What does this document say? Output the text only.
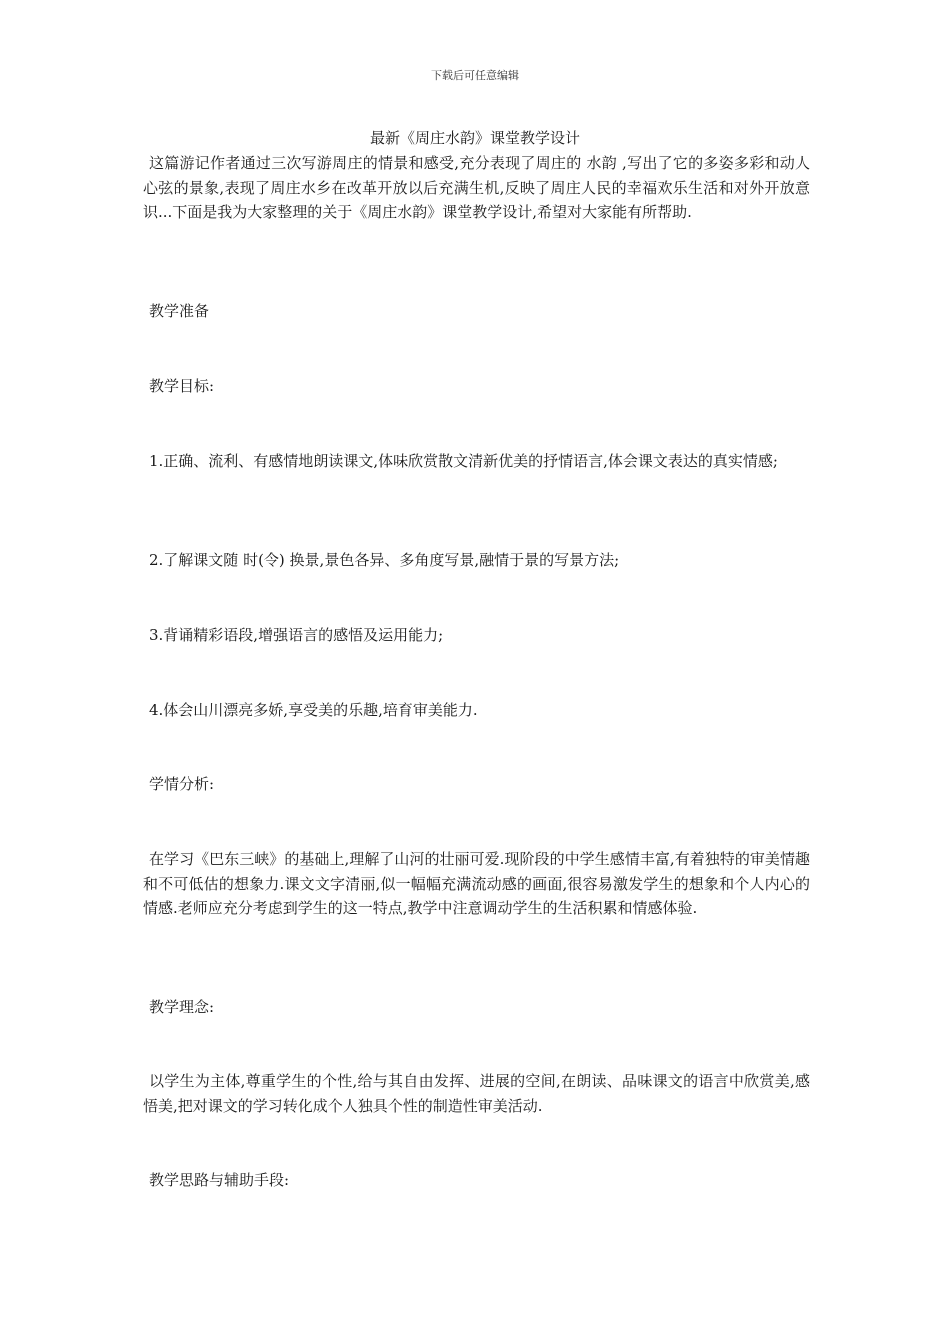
下载后可任意编辑
最新《周庄水韵》课堂教学设计

这篇游记作者通过三次写游周庄的情景和感受,充分表现了周庄的 水韵 ,写出了它的多姿多彩和动人心弦的景象,表现了周庄水乡在改革开放以后充满生机,反映了周庄人民的幸福欢乐生活和对外开放意识...下面是我为大家整理的关于《周庄水韵》课堂教学设计,希望对大家能有所帮助.

教学准备

教学目标:

1.正确、流利、有感情地朗读课文,体味欣赏散文清新优美的抒情语言,体会课文表达的真实情感;

2.了解课文随 时(令) 换景,景色各异、多角度写景,融情于景的写景方法;

3.背诵精彩语段,增强语言的感悟及运用能力;

4.体会山川漂亮多娇,享受美的乐趣,培育审美能力.

学情分析:

在学习《巴东三峡》的基础上,理解了山河的壮丽可爱.现阶段的中学生感情丰富,有着独特的审美情趣和不可低估的想象力.课文文字清丽,似一幅幅充满流动感的画面,很容易激发学生的想象和个人内心的情感.老师应充分考虑到学生的这一特点,教学中注意调动学生的生活积累和情感体验.

教学理念:

以学生为主体,尊重学生的个性,给与其自由发挥、进展的空间,在朗读、品味课文的语言中欣赏美,感悟美,把对课文的学习转化成个人独具个性的制造性审美活动.

教学思路与辅助手段:
